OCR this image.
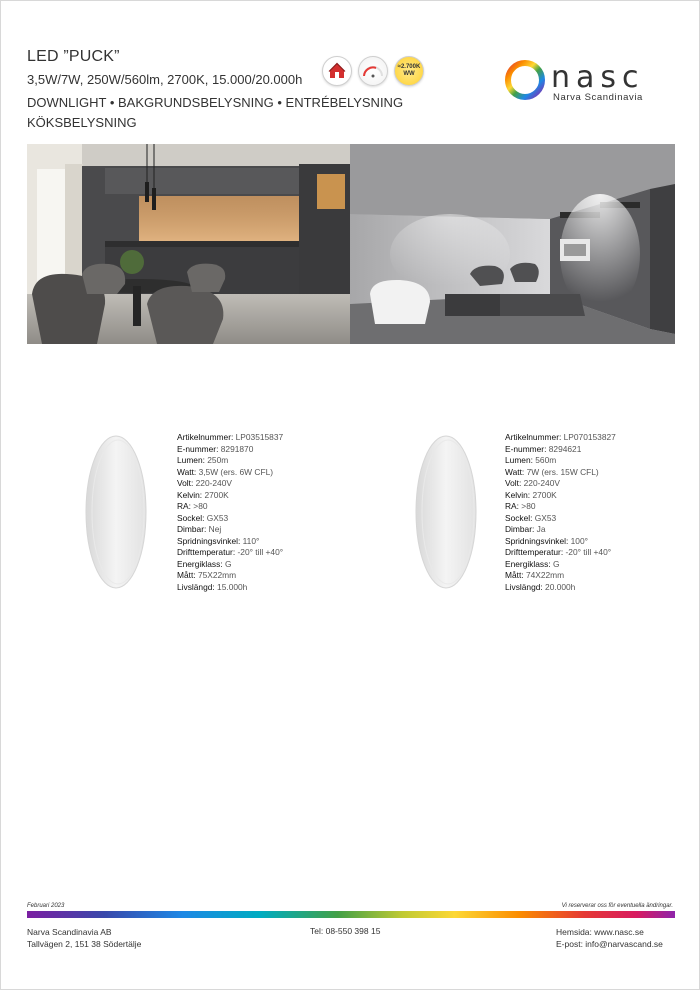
LED ”PUCK”
3,5W/7W, 250W/560lm, 2700K, 15.000/20.000h
DOWNLIGHT • BAKGRUNDSBELYSNING • ENTRÉBELYSNING
KÖKSBELYSNING
≈2.700K
WW	nasc
Narva Scandinavia
Artikelnummer: LP03515837
E-nummer: 8291870
Lumen: 250m
Watt: 3,5W (ers. 6W CFL)
Volt: 220-240V
Kelvin: 2700K
RA: >80
Sockel: GX53
Dimbar: Nej
Spridningsvinkel: 110°
Drifttemperatur: -20° till +40°
Energiklass: G
Mått: 75X22mm
Livslängd: 15.000h
Artikelnummer: LP070153827
E-nummer: 8294621
Lumen: 560m
Watt: 7W (ers. 15W CFL)
Volt: 220-240V
Kelvin: 2700K
RA: >80
Sockel: GX53
Dimbar: Ja
Spridningsvinkel: 100°
Drifttemperatur: -20° till +40°
Energiklass: G
Mått: 74X22mm
Livslängd: 20.000h
Februari 2023	Vi reserverar oss för eventuella ändringar.
Narva Scandinavia AB
Tallvägen 2, 151 38 Södertälje
Tel: 08-550 398 15	Hemsida: www.nasc.se
E-post: info@narvascand.se
